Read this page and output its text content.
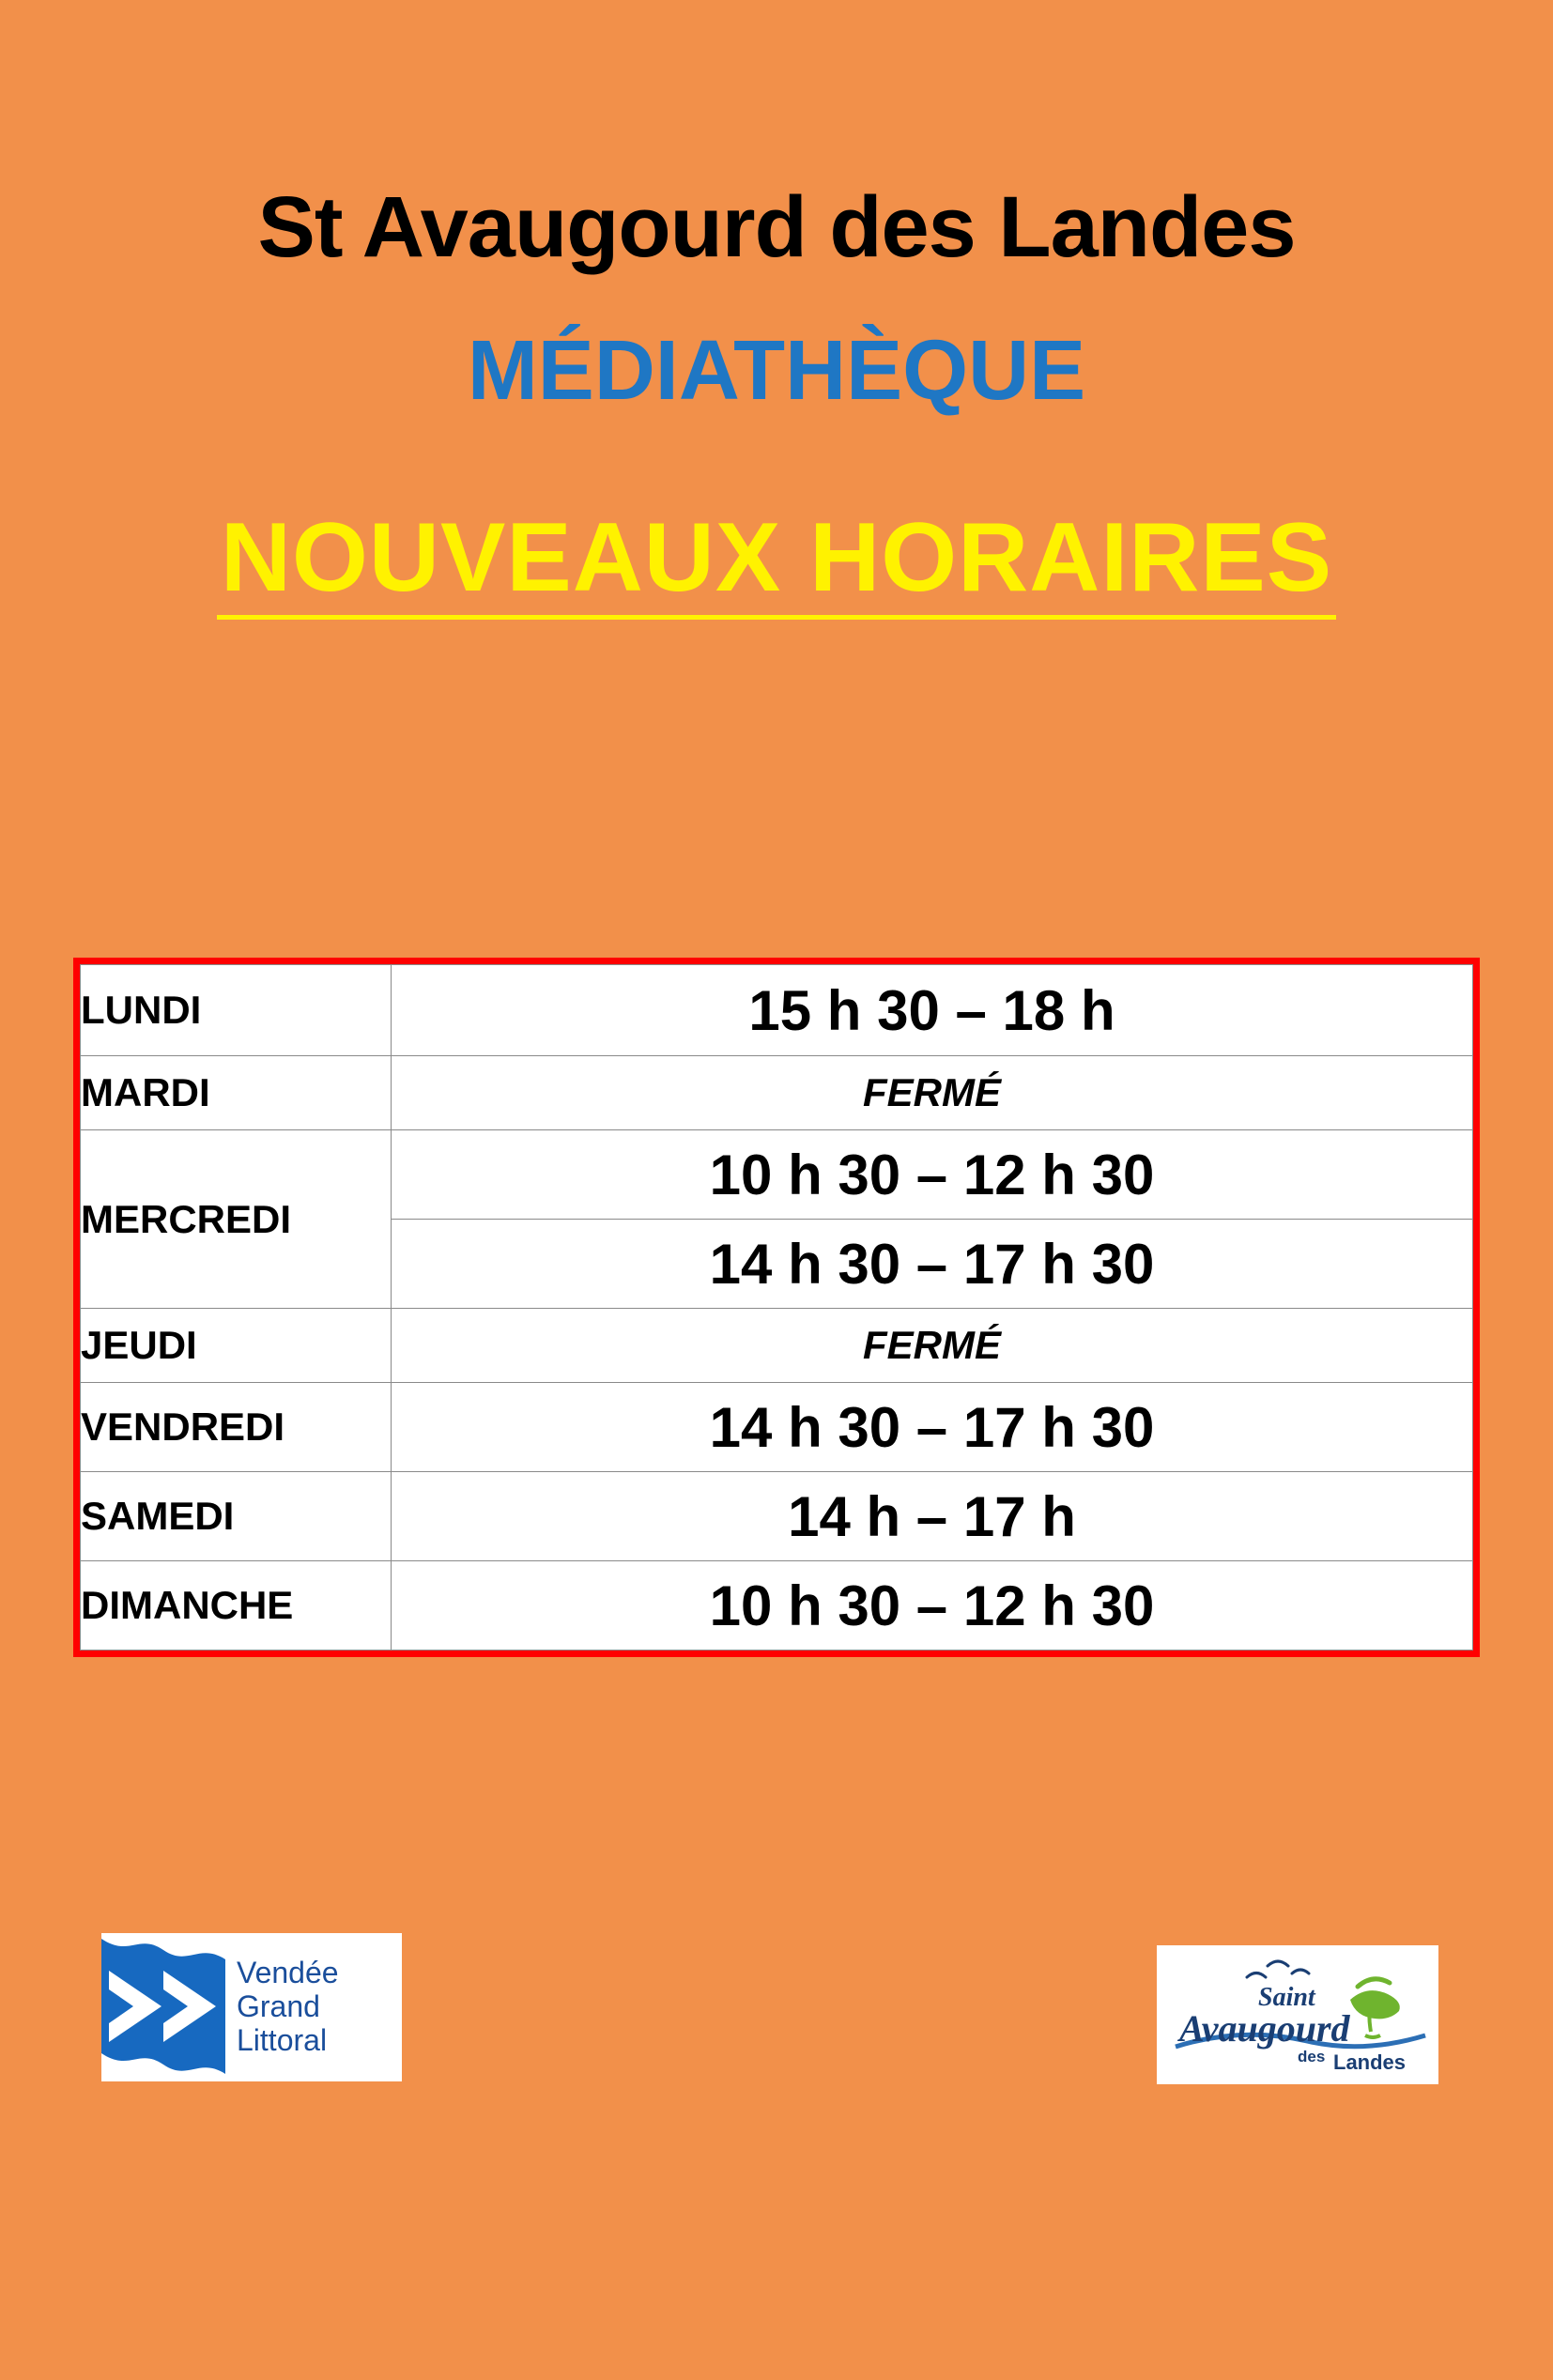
St Avaugourd des Landes
MÉDIATHÈQUE
NOUVEAUX HORAIRES
LUNDI	15 h 30 – 18 h
MARDI	FERMÉ
MERCREDI	10 h 30 – 12 h 30
	14 h 30 – 17 h 30
JEUDI	FERMÉ
VENDREDI	14 h 30 – 17 h 30
SAMEDI	14 h – 17 h
DIMANCHE	10 h 30 – 12 h 30
Vendée
Grand
Littoral
Saint
Avaugourd
des Landes
